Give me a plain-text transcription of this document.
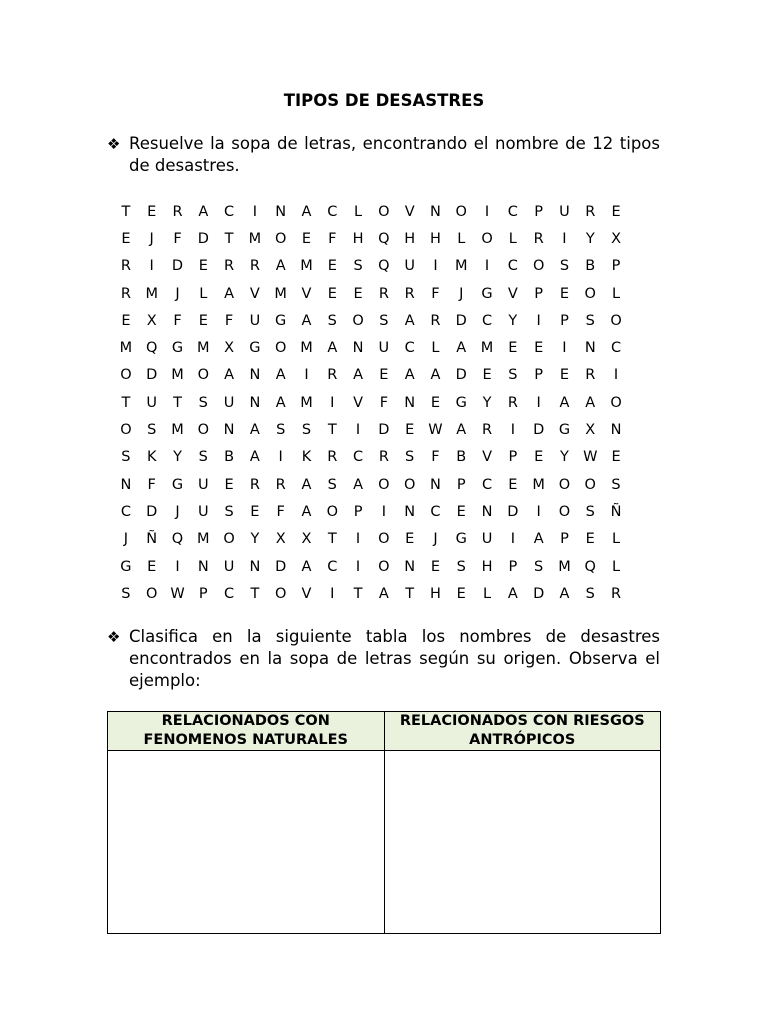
TIPOS DE DESASTRES
❖ Resuelve la sopa de letras, encontrando el nombre de 12 tipos de desastres.
T	E	R	A	C	I	N	A	C	L	O	V	N	O	I	C	P	U	R	E
E	J	F	D	T	M O	E	F	H	Q	H	H	L	O	L	R	I	Y	X
R	I	D	E	R	R	A	M	E	S	Q	U	I	M	I	C	O	S	B	P
R	M	J	L	A	V	M	V	E	E	R	R	F	J	G	V	P	E	O	L
E	X	F	E	F	U	G	A	S	O	S	A	R	D	C	Y	I	P	S	O
M Q G M	X	G O M	A	N	U	C	L	A	M	E	E	I	N	C
O	D M O	A	N	A	I	R	A	E	A	A	D	E	S	P	E	R	I
T	U	T	S	U	N	A	M	I	V	F	N	E	G	Y	R	I	A	A	O
O	S	M O	N	A	S	S	T	I	D	E W A	R	I	D	G	X	N
S	K	Y	S	B	A	I	K	R	C	R	S	F	B	V	P	E	Y W E
N	F	G	U	E	R	R	A	S	A	O O	N	P	C	E	M O O	S
C	D	J	U	S	E	F	A	O	P	I	N	C	E	N	D	I	O	S	Ñ
J	Ñ	Q M O	Y	X	X	T	I	O	E	J	G	U	I	A	P	E	L
G	E	I	N	U	N	D	A	C	I	O	N	E	S	H	P	S	M Q	L
S	O W P	C	T	O	V	I	T	A	T	H	E	L	A	D	A	S	R
❖ Clasifica en la siguiente tabla los nombres de desastres encontrados en la sopa de letras según su origen. Observa el ejemplo:
RELACIONADOS CON FENOMENOS NATURALES	RELACIONADOS CON RIESGOS ANTRÓPICOS
